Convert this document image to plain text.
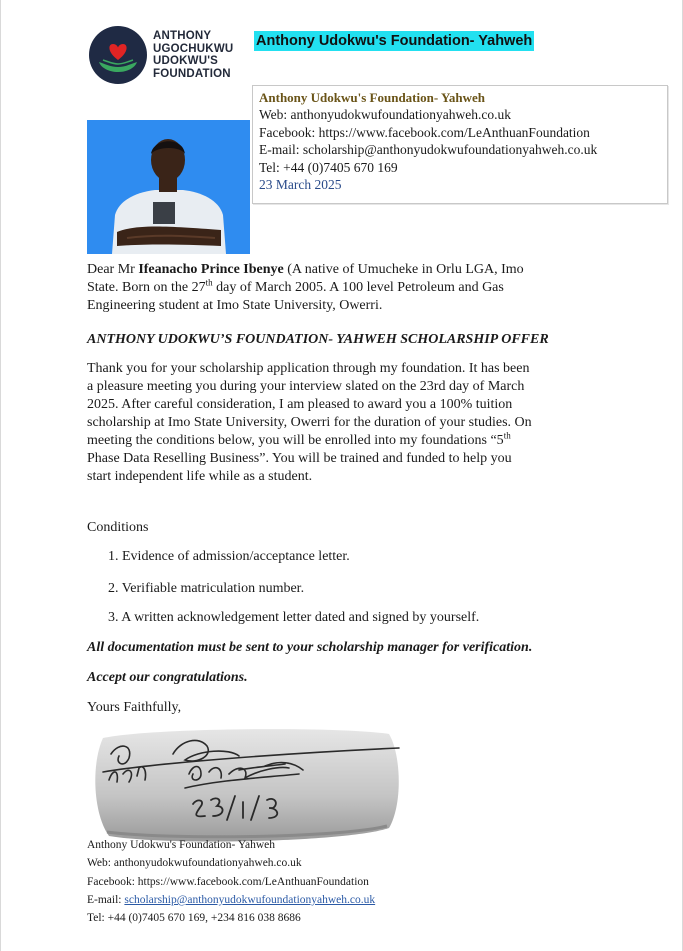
ANTHONY
UGOCHUKWU
UDOKWU'S
FOUNDATION
Anthony Udokwu's Foundation- Yahweh
Anthony Udokwu's Foundation- Yahweh
Web: anthonyudokwufoundationyahweh.co.uk
Facebook: https://www.facebook.com/LeAnthuanFoundation
E-mail: scholarship@anthonyudokwufoundationyahweh.co.uk
Tel: +44 (0)7405 670 169
23 March 2025
Dear Mr Ifeanacho Prince Ibenye (A native of Umucheke in Orlu LGA, Imo
State. Born on the 27th day of March 2005. A 100 level Petroleum and Gas
Engineering student at Imo State University, Owerri.
ANTHONY UDOKWU’S FOUNDATION- YAHWEH SCHOLARSHIP OFFER
Thank you for your scholarship application through my foundation. It has been
a pleasure meeting you during your interview slated on the 23rd day of March
2025. After careful consideration, I am pleased to award you a 100% tuition
scholarship at Imo State University, Owerri for the duration of your studies. On
meeting the conditions below, you will be enrolled into my foundations “5th
Phase Data Reselling Business”. You will be trained and funded to help you
start independent life while as a student.
Conditions
1. Evidence of admission/acceptance letter.
2. Verifiable matriculation number.
3. A written acknowledgement letter dated and signed by yourself.
All documentation must be sent to your scholarship manager for verification.
Accept our congratulations.
Yours Faithfully,
Anthony Udokwu's Foundation- Yahweh
Web: anthonyudokwufoundationyahweh.co.uk
Facebook: https://www.facebook.com/LeAnthuanFoundation
E-mail: scholarship@anthonyudokwufoundationyahweh.co.uk
Tel: +44 (0)7405 670 169, +234 816 038 8686
